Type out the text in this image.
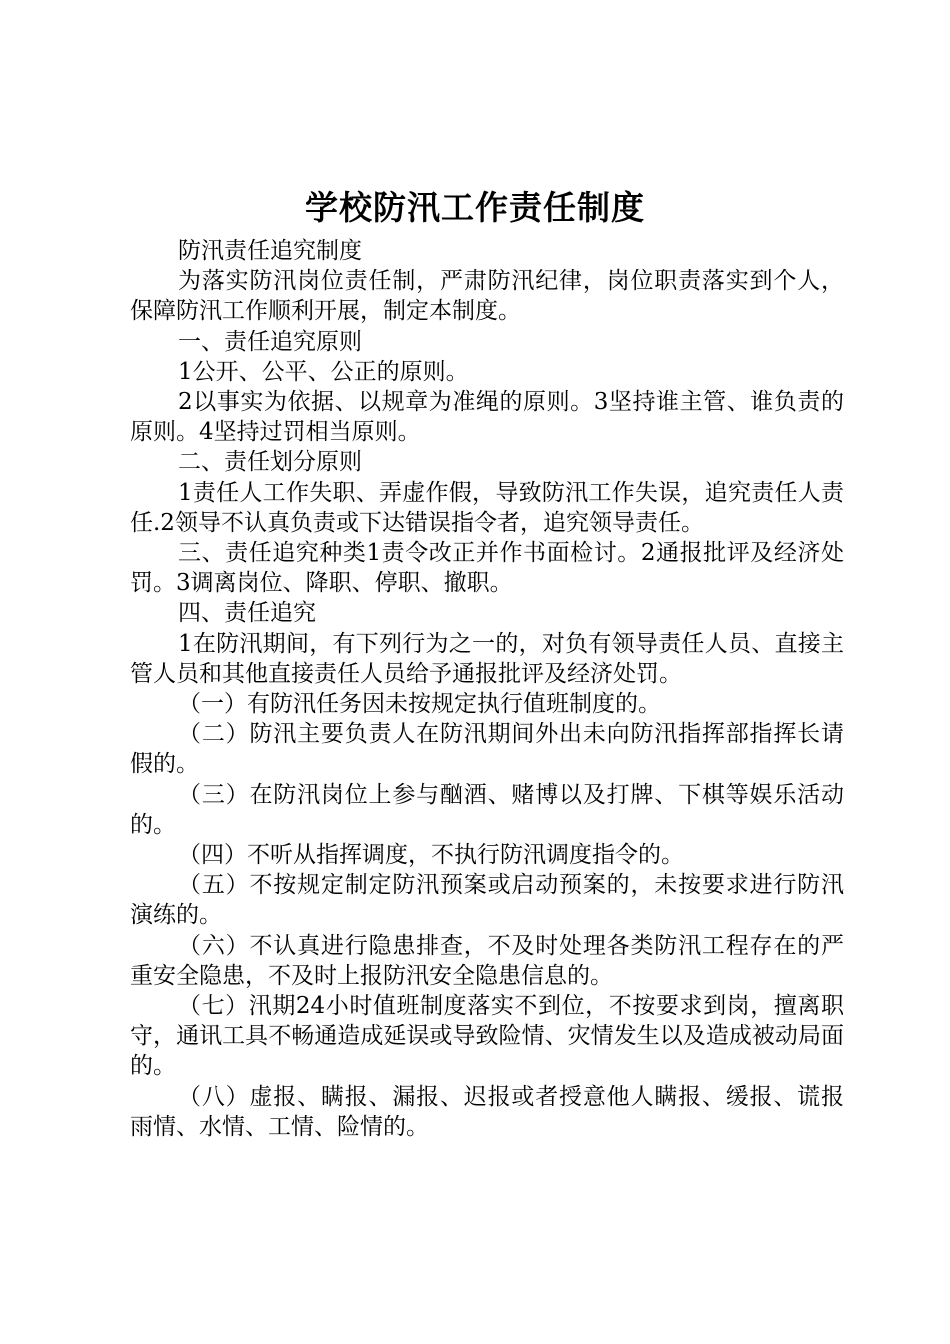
学校防汛工作责任制度

防汛责任追究制度

为落实防汛岗位责任制，严肃防汛纪律，岗位职责落实到个人，保障防汛工作顺利开展，制定本制度。

一、责任追究原则

1公开、公平、公正的原则。

2以事实为依据、以规章为准绳的原则。3坚持谁主管、谁负责的原则。4坚持过罚相当原则。

二、责任划分原则

1责任人工作失职、弄虚作假，导致防汛工作失误，追究责任人责任.2领导不认真负责或下达错误指令者，追究领导责任。

三、责任追究种类1责令改正并作书面检讨。2通报批评及经济处罚。3调离岗位、降职、停职、撤职。

四、责任追究

1在防汛期间，有下列行为之一的，对负有领导责任人员、直接主管人员和其他直接责任人员给予通报批评及经济处罚。

（一）有防汛任务因未按规定执行值班制度的。

（二）防汛主要负责人在防汛期间外出未向防汛指挥部指挥长请假的。

（三）在防汛岗位上参与酗酒、赌博以及打牌、下棋等娱乐活动的。

（四）不听从指挥调度，不执行防汛调度指令的。

（五）不按规定制定防汛预案或启动预案的，未按要求进行防汛演练的。

（六）不认真进行隐患排查，不及时处理各类防汛工程存在的严重安全隐患，不及时上报防汛安全隐患信息的。

（七）汛期24小时值班制度落实不到位，不按要求到岗，擅离职守，通讯工具不畅通造成延误或导致险情、灾情发生以及造成被动局面的。

（八）虚报、瞒报、漏报、迟报或者授意他人瞒报、缓报、谎报雨情、水情、工情、险情的。
